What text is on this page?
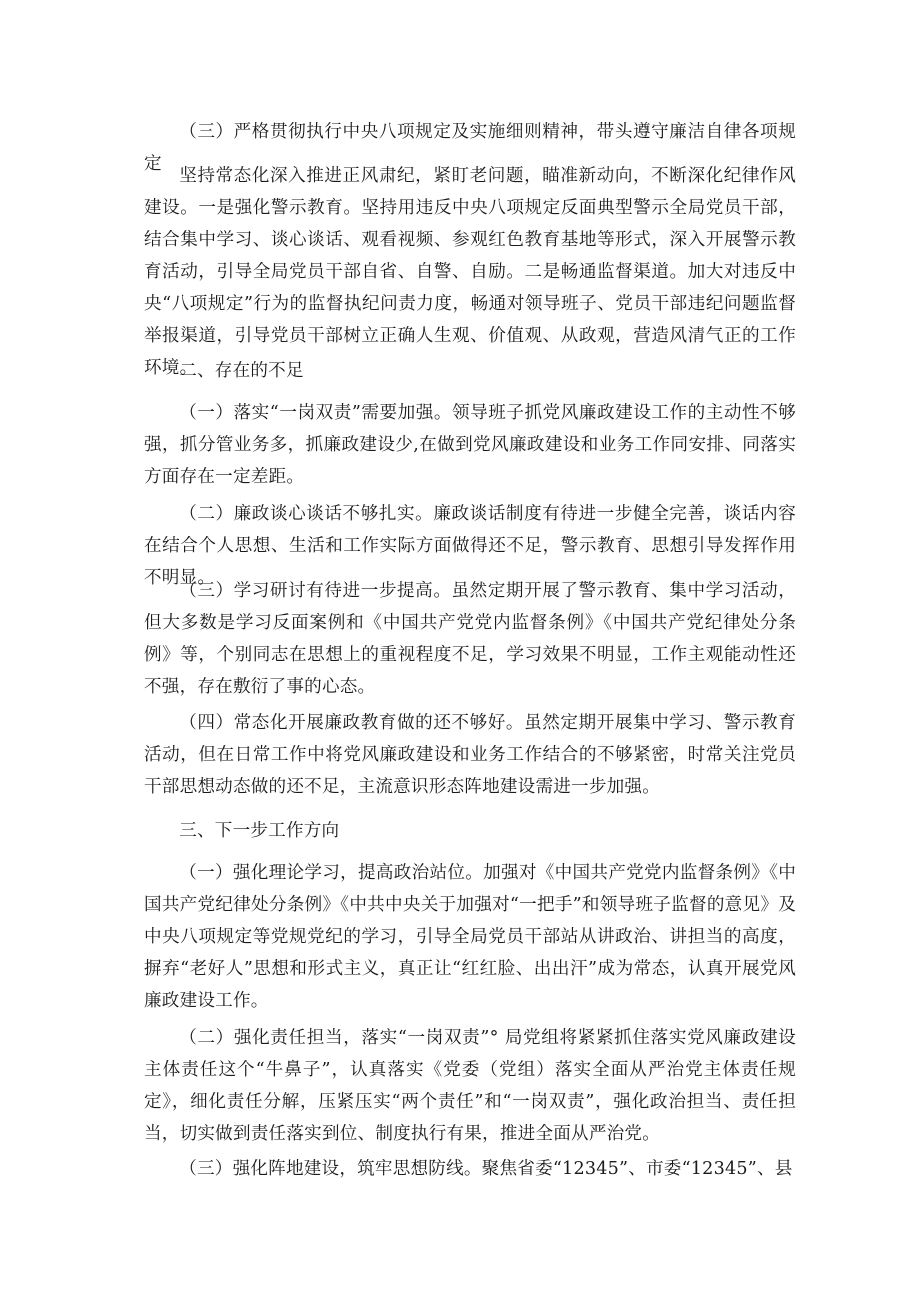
（三）严格贯彻执行中央八项规定及实施细则精神，带头遵守廉洁自律各项规定

坚持常态化深入推进正风肃纪，紧盯老问题，瞄准新动向，不断深化纪律作风建设。一是强化警示教育。坚持用违反中央八项规定反面典型警示全局党员干部，结合集中学习、谈心谈话、观看视频、参观红色教育基地等形式，深入开展警示教育活动，引导全局党员干部自省、自警、自励。二是畅通监督渠道。加大对违反中央“八项规定”行为的监督执纪问责力度，畅通对领导班子、党员干部违纪问题监督举报渠道，引导党员干部树立正确人生观、价值观、从政观，营造风清气正的工作环境。

二、存在的不足

（一）落实“一岗双责”需要加强。领导班子抓党风廉政建设工作的主动性不够强，抓分管业务多，抓廉政建设少,在做到党风廉政建设和业务工作同安排、同落实方面存在一定差距。

（二）廉政谈心谈话不够扎实。廉政谈话制度有待进一步健全完善，谈话内容在结合个人思想、生活和工作实际方面做得还不足，警示教育、思想引导发挥作用不明显。

（三）学习研讨有待进一步提高。虽然定期开展了警示教育、集中学习活动，但大多数是学习反面案例和《中国共产党党内监督条例》《中国共产党纪律处分条例》等，个别同志在思想上的重视程度不足，学习效果不明显，工作主观能动性还不强，存在敷衍了事的心态。

（四）常态化开展廉政教育做的还不够好。虽然定期开展集中学习、警示教育活动，但在日常工作中将党风廉政建设和业务工作结合的不够紧密，时常关注党员干部思想动态做的还不足，主流意识形态阵地建设需进一步加强。

三、下一步工作方向

（一）强化理论学习，提高政治站位。加强对《中国共产党党内监督条例》《中国共产党纪律处分条例》《中共中央关于加强对“一把手”和领导班子监督的意见》及中央八项规定等党规党纪的学习，引导全局党员干部站从讲政治、讲担当的高度，摒弃“老好人”思想和形式主义，真正让“红红脸、出出汗”成为常态，认真开展党风廉政建设工作。

（二）强化责任担当，落实“一岗双责”° 局党组将紧紧抓住落实党风廉政建设主体责任这个“牛鼻子”，认真落实《党委（党组）落实全面从严治党主体责任规定》，细化责任分解，压紧压实“两个责任”和“一岗双责”，强化政治担当、责任担当，切实做到责任落实到位、制度执行有果，推进全面从严治党。

（三）强化阵地建设，筑牢思想防线。聚焦省委“12345”、市委“12345”、县
